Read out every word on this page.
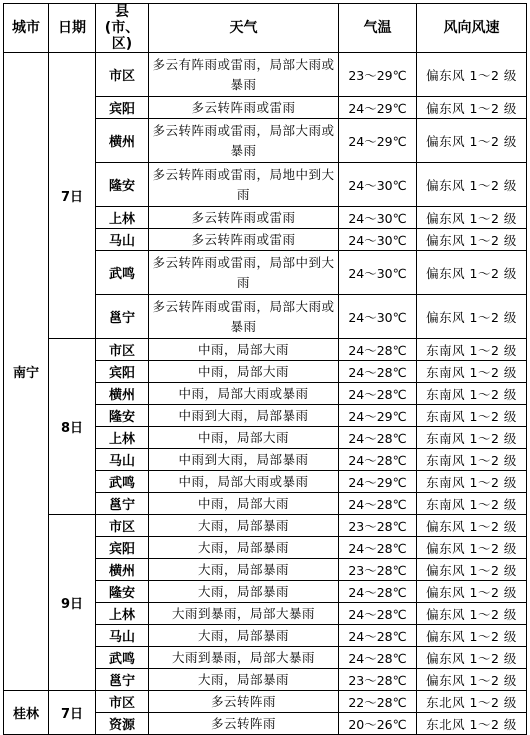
城市	日期	县(市、区)	天气	气温	风向风速
南宁	7日	市区	多云有阵雨或雷雨，局部大雨或暴雨	23～29℃	偏东风 1～2 级
		宾阳	多云转阵雨或雷雨	24～29℃	偏东风 1～2 级
		横州	多云转阵雨或雷雨，局部大雨或暴雨	24～29℃	偏东风 1～2 级
		隆安	多云转阵雨或雷雨，局地中到大雨	24～30℃	偏东风 1～2 级
		上林	多云转阵雨或雷雨	24～30℃	偏东风 1～2 级
		马山	多云转阵雨或雷雨	24～30℃	偏东风 1～2 级
		武鸣	多云转阵雨或雷雨，局部中到大雨	24～30℃	偏东风 1～2 级
		邕宁	多云转阵雨或雷雨，局部大雨或暴雨	24～30℃	偏东风 1～2 级
	8日	市区	中雨，局部大雨	24～28℃	东南风 1～2 级
		宾阳	中雨，局部大雨	24～28℃	东南风 1～2 级
		横州	中雨，局部大雨或暴雨	24～28℃	东南风 1～2 级
		隆安	中雨到大雨，局部暴雨	24～29℃	东南风 1～2 级
		上林	中雨，局部大雨	24～28℃	东南风 1～2 级
		马山	中雨到大雨，局部暴雨	24～28℃	东南风 1～2 级
		武鸣	中雨，局部大雨或暴雨	24～29℃	东南风 1～2 级
		邕宁	中雨，局部大雨	24～28℃	东南风 1～2 级
	9日	市区	大雨，局部暴雨	23～28℃	偏东风 1～2 级
		宾阳	大雨，局部暴雨	24～28℃	偏东风 1～2 级
		横州	大雨，局部暴雨	23～28℃	偏东风 1～2 级
		隆安	大雨，局部暴雨	24～28℃	偏东风 1～2 级
		上林	大雨到暴雨，局部大暴雨	24～28℃	偏东风 1～2 级
		马山	大雨，局部暴雨	24～28℃	偏东风 1～2 级
		武鸣	大雨到暴雨，局部大暴雨	24～28℃	偏东风 1～2 级
		邕宁	大雨，局部暴雨	23～28℃	偏东风 1～2 级
桂林	7日	市区	多云转阵雨	22～28℃	东北风 1～2 级
		资源	多云转阵雨	20～26℃	东北风 1～2 级
